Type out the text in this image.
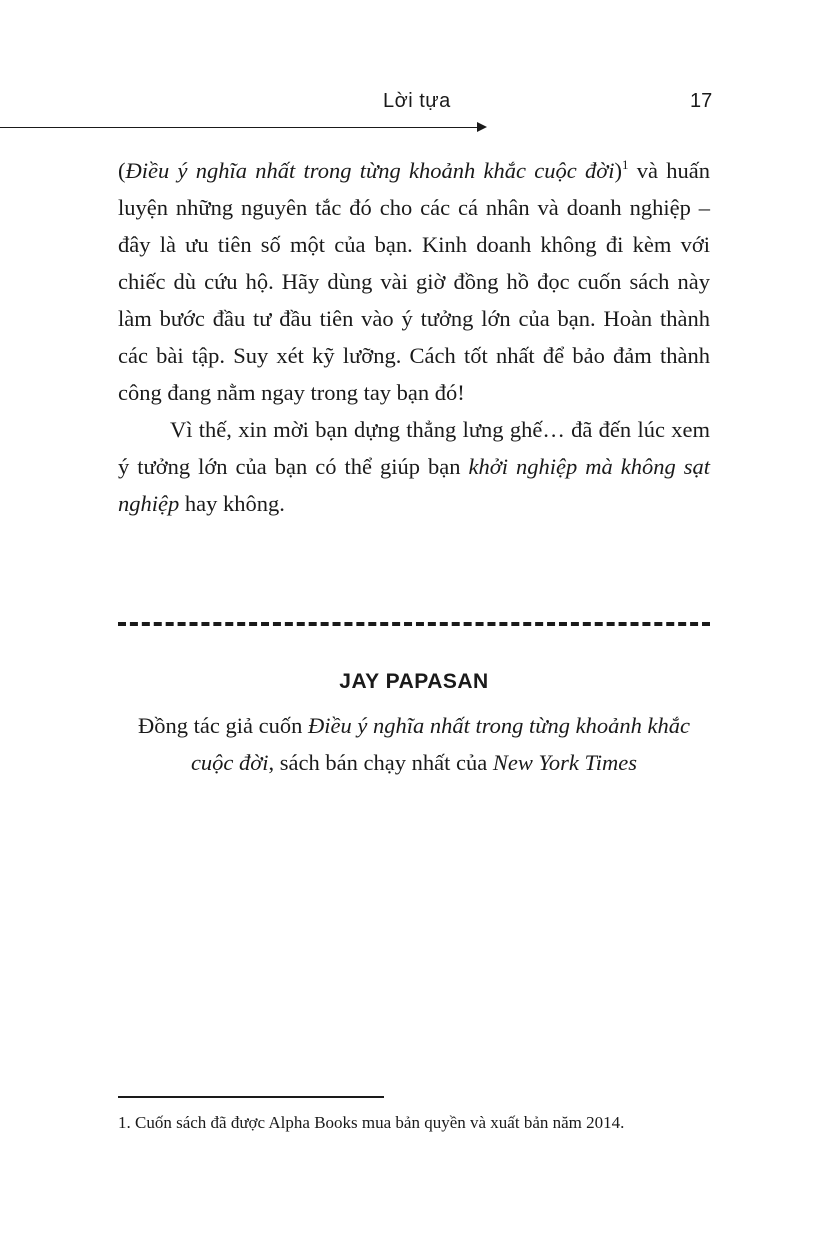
Lời tựa	17

(Điều ý nghĩa nhất trong từng khoảnh khắc cuộc đời)$^1$ và huấn luyện những nguyên tắc đó cho các cá nhân và doanh nghiệp – đây là ưu tiên số một của bạn. Kinh doanh không đi kèm với chiếc dù cứu hộ. Hãy dùng vài giờ đồng hồ đọc cuốn sách này làm bước đầu tư đầu tiên vào ý tưởng lớn của bạn. Hoàn thành các bài tập. Suy xét kỹ lưỡng. Cách tốt nhất để bảo đảm thành công đang nằm ngay trong tay bạn đó!

Vì thế, xin mời bạn dựng thẳng lưng ghế… đã đến lúc xem ý tưởng lớn của bạn có thể giúp bạn khởi nghiệp mà không sạt nghiệp hay không.

JAY PAPASAN
Đồng tác giả cuốn Điều ý nghĩa nhất trong từng khoảnh khắc cuộc đời, sách bán chạy nhất của New York Times
1. Cuốn sách đã được Alpha Books mua bản quyền và xuất bản năm 2014.
